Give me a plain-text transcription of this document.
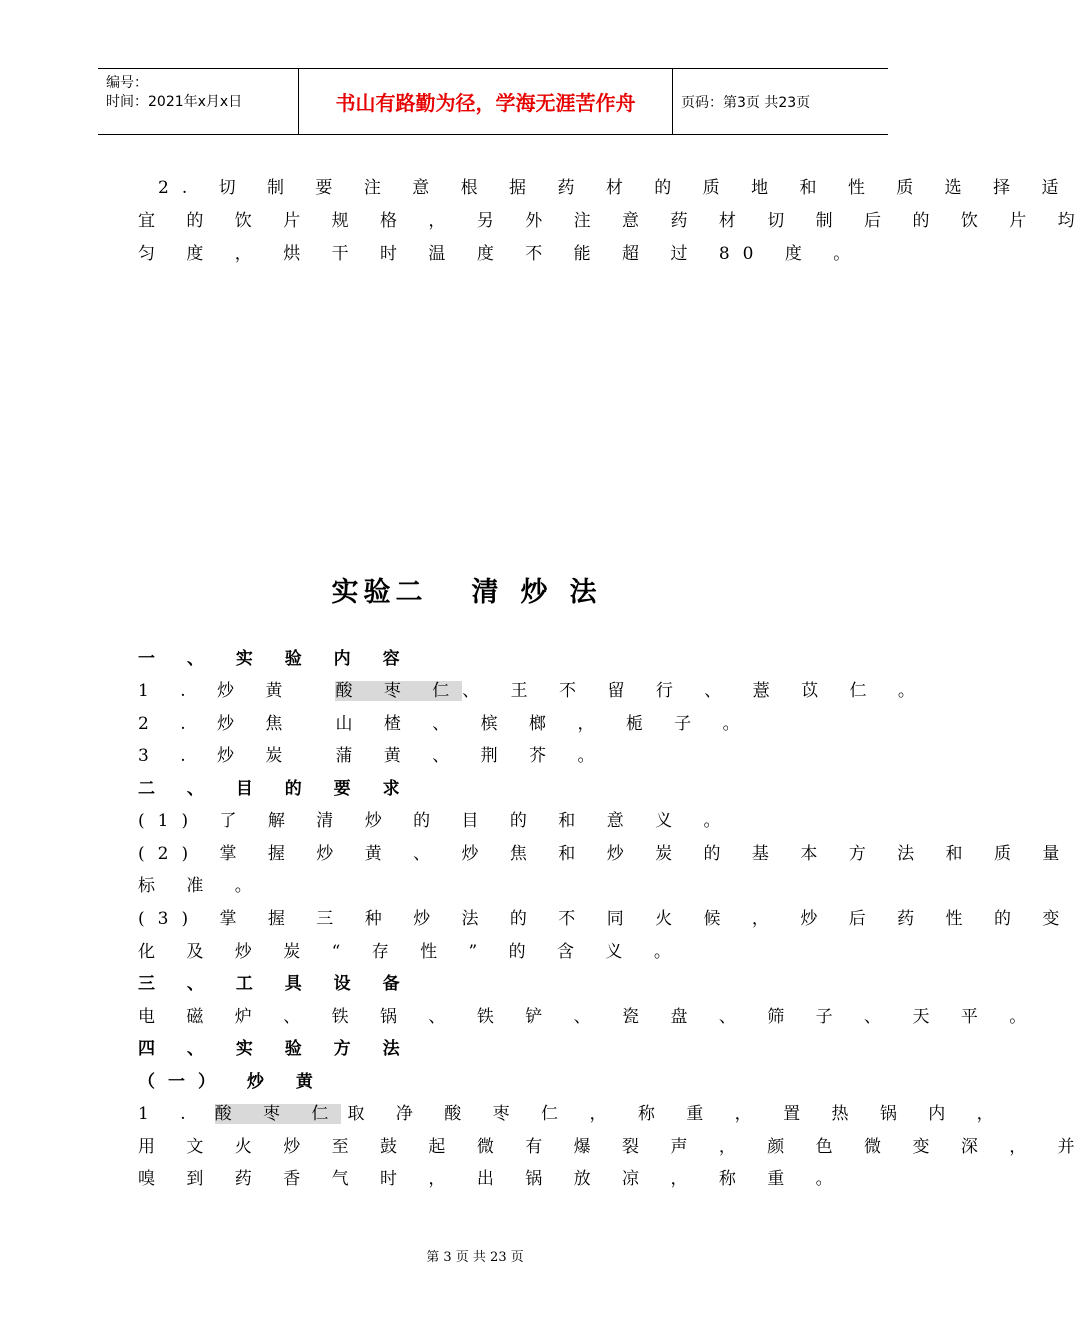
编号：
时间：2021年x月x日	书山有路勤为径，学海无涯苦作舟	页码：第3页 共23页
2. 切 制 要 注 意 根 据 药 材 的 质 地 和 性 质 选 择 适
宜 的 饮 片 规 格 ， 另 外 注 意 药 材 切 制 后 的 饮 片 均
匀 度 ， 烘 干 时 温 度 不 能 超 过 80 度 。
实验二 清炒法
一 、 实 验 内 容
1 . 炒 黄 酸 枣 仁、 王 不 留 行 、 薏 苡 仁 。
2 . 炒 焦 山 楂 、 槟 榔 ， 栀 子 。
3 . 炒 炭 蒲 黄 、 荆 芥 。
二 、 目 的 要 求
(1) 了 解 清 炒 的 目 的 和 意 义 。
(2) 掌 握 炒 黄 、 炒 焦 和 炒 炭 的 基 本 方 法 和 质 量
标 准 。
(3) 掌 握 三 种 炒 法 的 不 同 火 候 ， 炒 后 药 性 的 变
化 及 炒 炭 “ 存 性 ” 的 含 义 。
三 、 工 具 设 备
电 磁 炉 、 铁 锅 、 铁 铲 、 瓷 盘 、 筛 子 、 天 平 。
四 、 实 验 方 法
（一） 炒 黄
1 . 酸 枣 仁 取 净 酸 枣 仁 ， 称 重 ， 置 热 锅 内 ，
用 文 火 炒 至 鼓 起 微 有 爆 裂 声 ， 颜 色 微 变 深 ， 并
嗅 到 药 香 气 时 ， 出 锅 放 凉 ， 称 重 。
第 3 页 共 23 页
